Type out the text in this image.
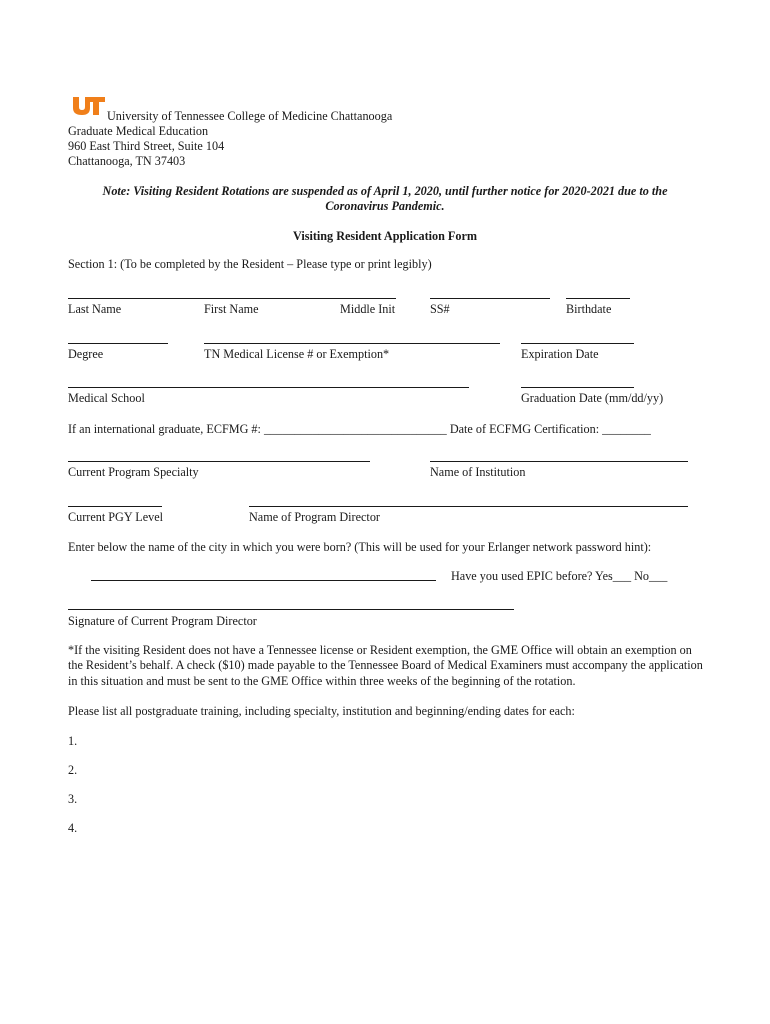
University of Tennessee College of Medicine Chattanooga
Graduate Medical Education
960 East Third Street, Suite 104
Chattanooga, TN 37403
Note: Visiting Resident Rotations are suspended as of April 1, 2020, until further notice for 2020-2021 due to the
Coronavirus Pandemic.
Visiting Resident Application Form
Section 1: (To be completed by the Resident – Please type or print legibly)
Last Name	First Name	Middle Init	SS#	Birthdate
Degree	TN Medical License # or Exemption*	Expiration Date
Medical School	Graduation Date (mm/dd/yy)
If an international graduate, ECFMG #: ______________________________ Date of ECFMG Certification: ________
Current Program Specialty	Name of Institution
Current PGY Level	Name of Program Director
Enter below the name of the city in which you were born? (This will be used for your Erlanger network password hint):
Have you used EPIC before? Yes___ No___
Signature of Current Program Director
*If the visiting Resident does not have a Tennessee license or Resident exemption, the GME Office will obtain an exemption on the Resident’s behalf. A check ($10) made payable to the Tennessee Board of Medical Examiners must accompany the application in this situation and must be sent to the GME Office within three weeks of the beginning of the rotation.
Please list all postgraduate training, including specialty, institution and beginning/ending dates for each:
1.
2.
3.
4.
